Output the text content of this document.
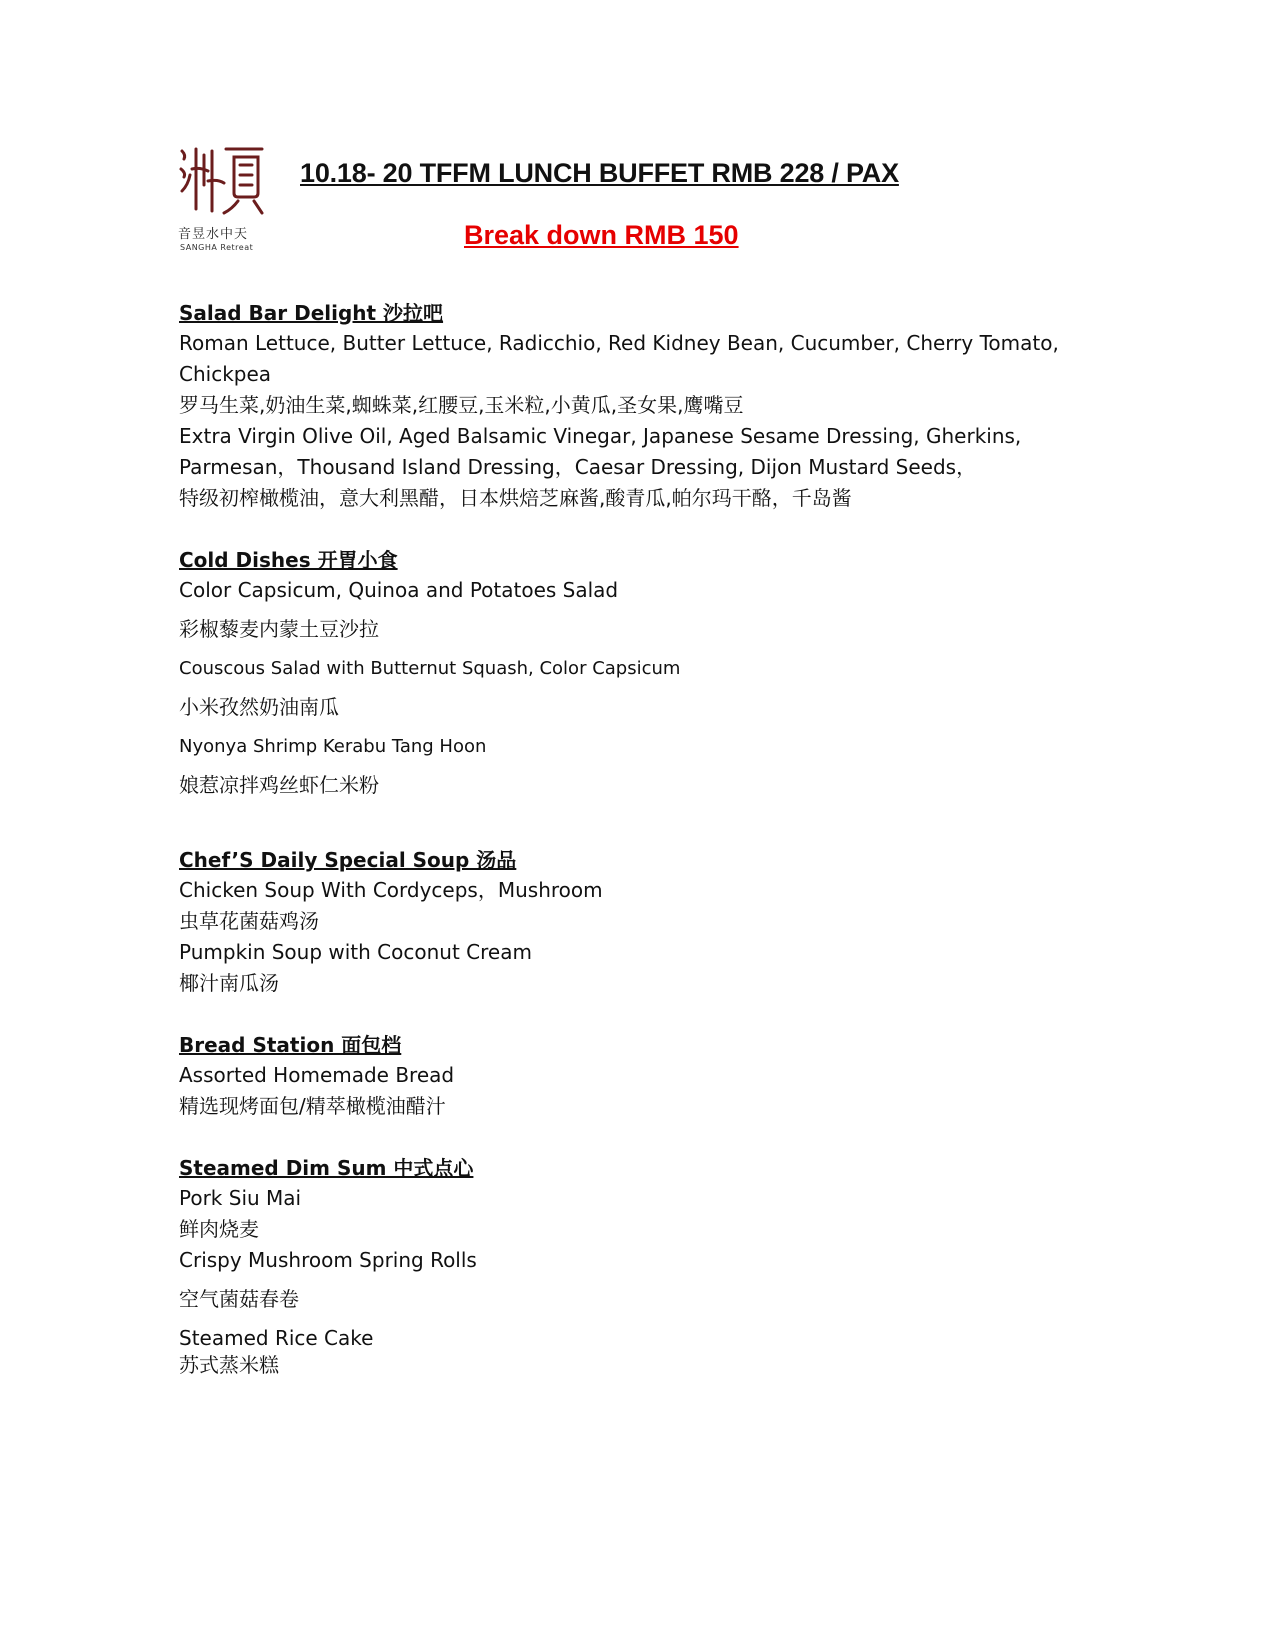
音昱水中天
SANGHA Retreat
10.18- 20 TFFM LUNCH BUFFET RMB 228 / PAX
Break down RMB 150
Salad Bar Delight 沙拉吧
Roman Lettuce, Butter Lettuce, Radicchio, Red Kidney Bean, Cucumber, Cherry Tomato,
Chickpea
罗马生菜,奶油生菜,蜘蛛菜,红腰豆,玉米粒,小黄瓜,圣女果,鹰嘴豆
Extra Virgin Olive Oil, Aged Balsamic Vinegar, Japanese Sesame Dressing, Gherkins,
Parmesan，Thousand Island Dressing，Caesar Dressing, Dijon Mustard Seeds，
特级初榨橄榄油，意大利黑醋，日本烘焙芝麻酱,酸青瓜,帕尔玛干酪，千岛酱
Cold Dishes 开胃小食
Color Capsicum, Quinoa and Potatoes Salad
彩椒藜麦内蒙土豆沙拉
Couscous Salad with Butternut Squash, Color Capsicum
小米孜然奶油南瓜
Nyonya Shrimp Kerabu Tang Hoon
娘惹凉拌鸡丝虾仁米粉
Chef’S Daily Special Soup 汤品
Chicken Soup With Cordyceps，Mushroom
虫草花菌菇鸡汤
Pumpkin Soup with Coconut Cream
椰汁南瓜汤
Bread Station 面包档
Assorted Homemade Bread
精选现烤面包/精萃橄榄油醋汁
Steamed Dim Sum 中式点心
Pork Siu Mai
鲜肉烧麦
Crispy Mushroom Spring Rolls
空气菌菇春卷
Steamed Rice Cake
苏式蒸米糕
